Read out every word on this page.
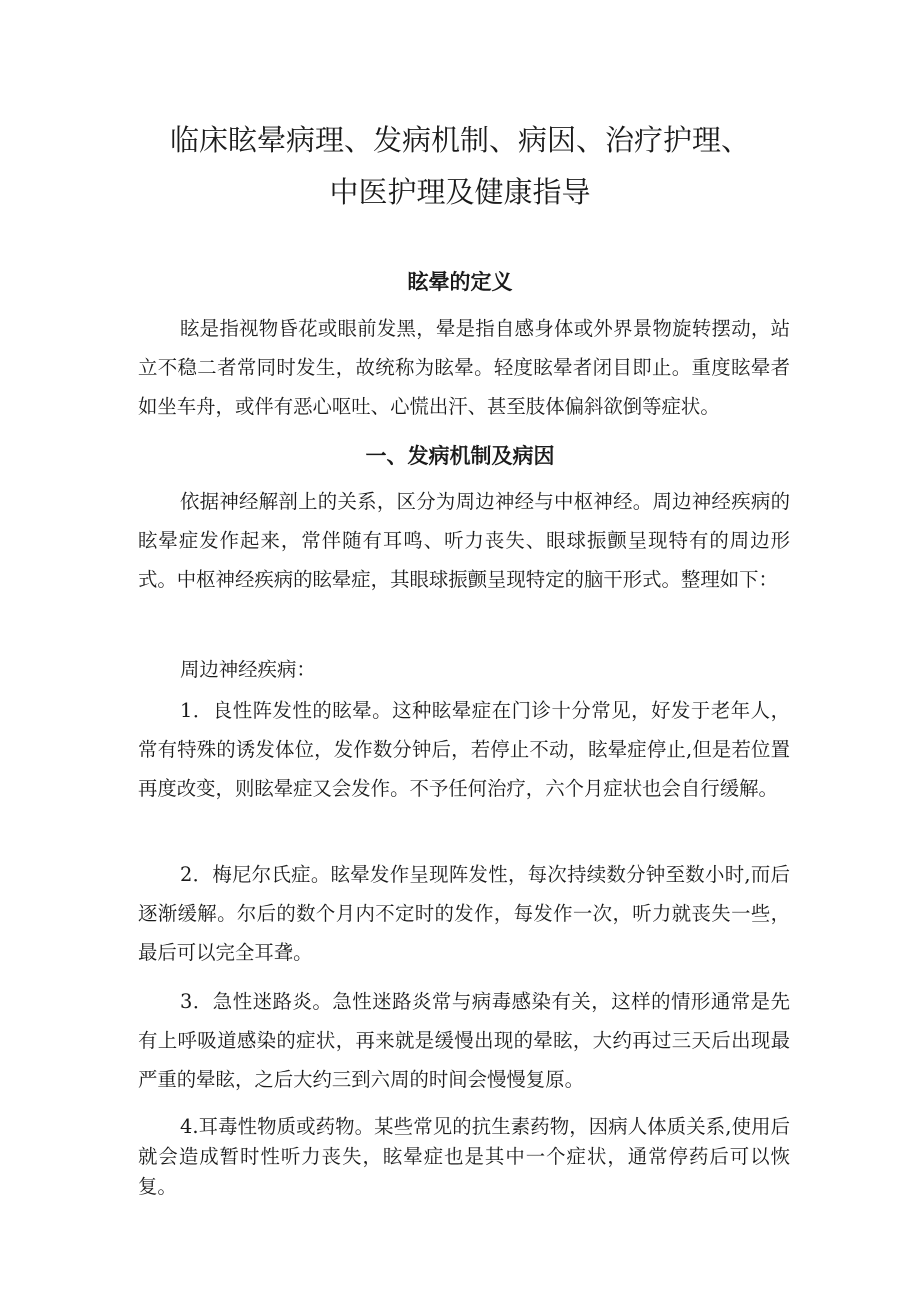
临床眩晕病理、发病机制、病因、治疗护理、
中医护理及健康指导
眩晕的定义

眩是指视物昏花或眼前发黑，晕是指自感身体或外界景物旋转摆动，站立不稳二者常同时发生，故统称为眩晕。轻度眩晕者闭目即止。重度眩晕者如坐车舟，或伴有恶心呕吐、心慌出汗、甚至肢体偏斜欲倒等症状。

一、发病机制及病因

依据神经解剖上的关系，区分为周边神经与中枢神经。周边神经疾病的眩晕症发作起来，常伴随有耳鸣、听力丧失、眼球振颤呈现特有的周边形式。中枢神经疾病的眩晕症，其眼球振颤呈现特定的脑干形式。整理如下：

周边神经疾病：

1．良性阵发性的眩晕。这种眩晕症在门诊十分常见，好发于老年人，常有特殊的诱发体位，发作数分钟后，若停止不动，眩晕症停止,但是若位置再度改变，则眩晕症又会发作。不予任何治疗，六个月症状也会自行缓解。

2．梅尼尔氏症。眩晕发作呈现阵发性，每次持续数分钟至数小时,而后逐渐缓解。尔后的数个月内不定时的发作，每发作一次，听力就丧失一些，最后可以完全耳聋。

3．急性迷路炎。急性迷路炎常与病毒感染有关，这样的情形通常是先有上呼吸道感染的症状，再来就是缓慢出现的晕眩，大约再过三天后出现最严重的晕眩，之后大约三到六周的时间会慢慢复原。

4.耳毒性物质或药物。某些常见的抗生素药物，因病人体质关系,使用后就会造成暂时性听力丧失，眩晕症也是其中一个症状，通常停药后可以恢复。
